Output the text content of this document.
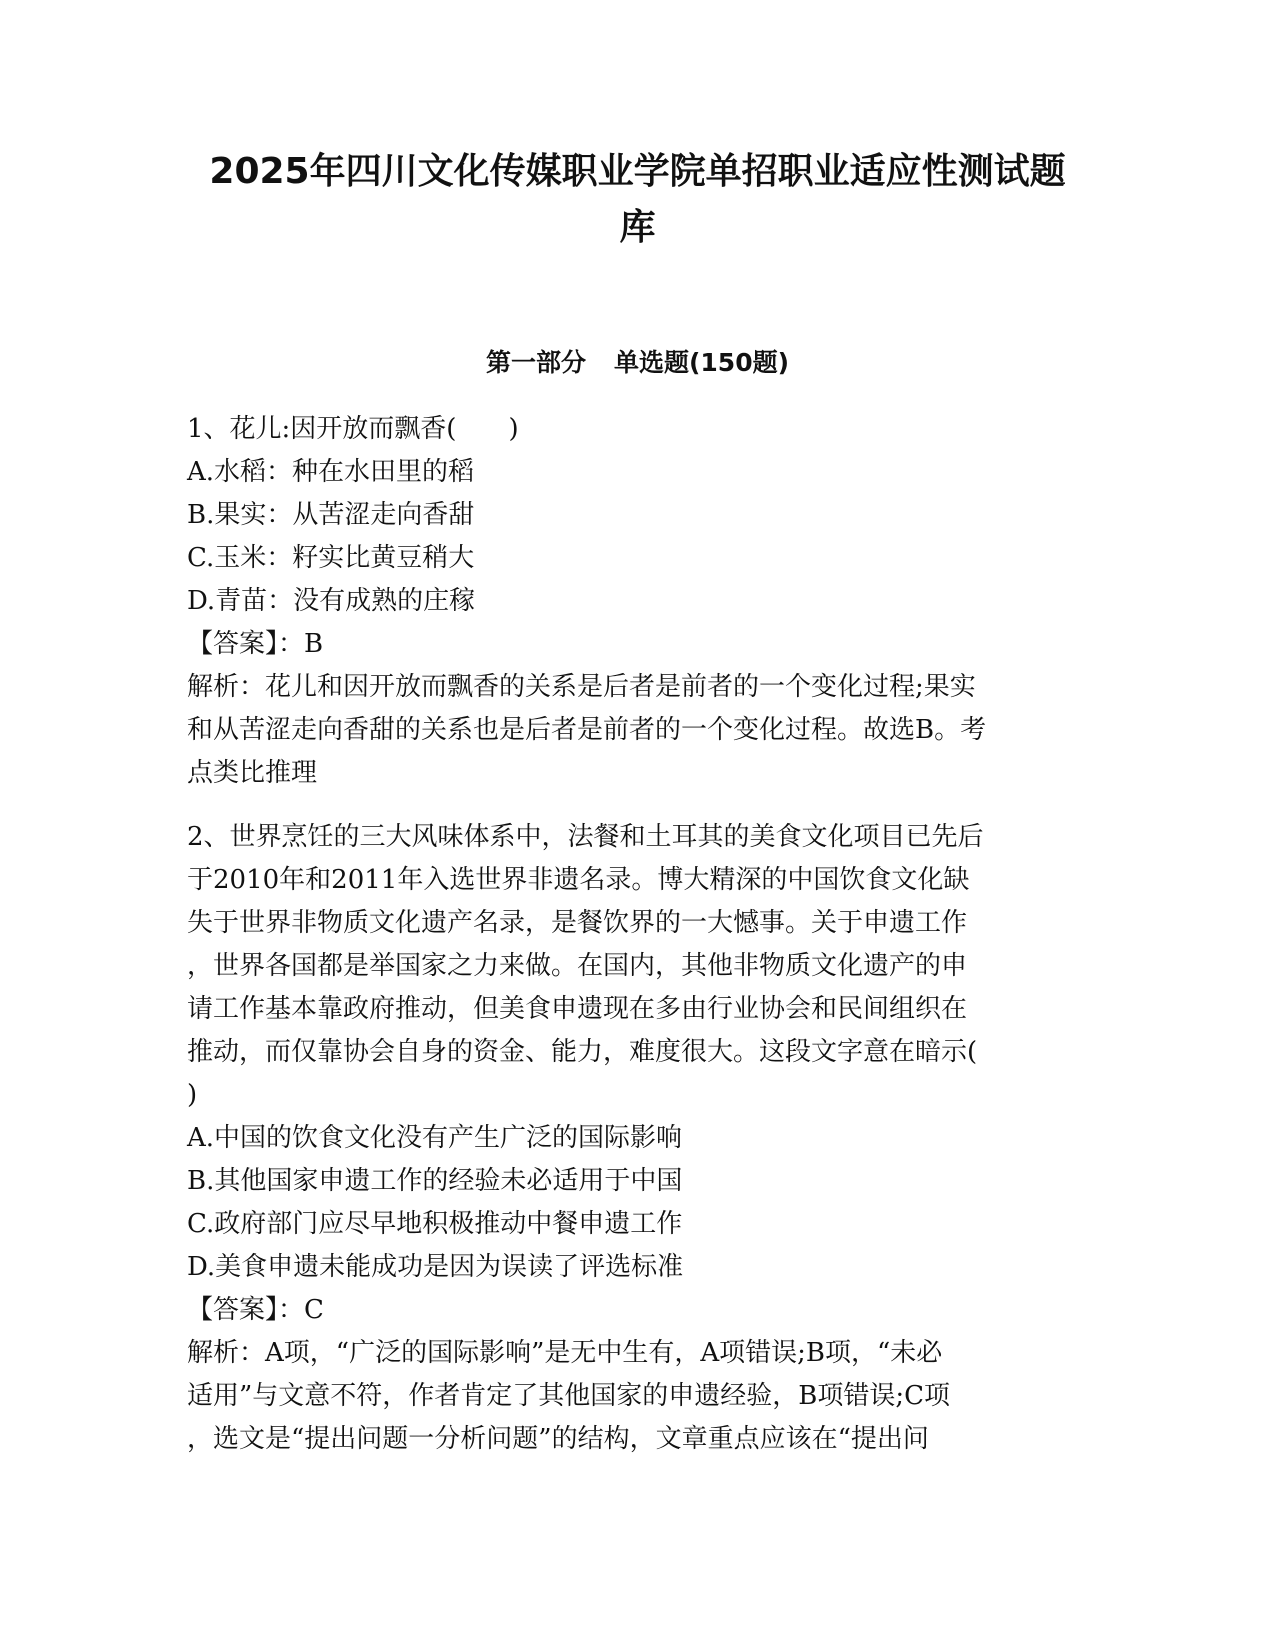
2025年四川文化传媒职业学院单招职业适应性测试题
库
第一部分 单选题(150题)
1、花儿:因开放而飘香(　　)
A.水稻：种在水田里的稻
B.果实：从苦涩走向香甜
C.玉米：籽实比黄豆稍大
D.青苗：没有成熟的庄稼
【答案】：B
解析：花儿和因开放而飘香的关系是后者是前者的一个变化过程;果实
和从苦涩走向香甜的关系也是后者是前者的一个变化过程。故选B。考
点类比推理
2、世界烹饪的三大风味体系中，法餐和土耳其的美食文化项目已先后
于2010年和2011年入选世界非遗名录。博大精深的中国饮食文化缺
失于世界非物质文化遗产名录，是餐饮界的一大憾事。关于申遗工作
，世界各国都是举国家之力来做。在国内，其他非物质文化遗产的申
请工作基本靠政府推动，但美食申遗现在多由行业协会和民间组织在
推动，而仅靠协会自身的资金、能力，难度很大。这段文字意在暗示(
)
A.中国的饮食文化没有产生广泛的国际影响
B.其他国家申遗工作的经验未必适用于中国
C.政府部门应尽早地积极推动中餐申遗工作
D.美食申遗未能成功是因为误读了评选标准
【答案】：C
解析：A项，“广泛的国际影响”是无中生有，A项错误;B项，“未必
适用”与文意不符，作者肯定了其他国家的申遗经验，B项错误;C项
，选文是“提出问题一分析问题”的结构，文章重点应该在“提出问
